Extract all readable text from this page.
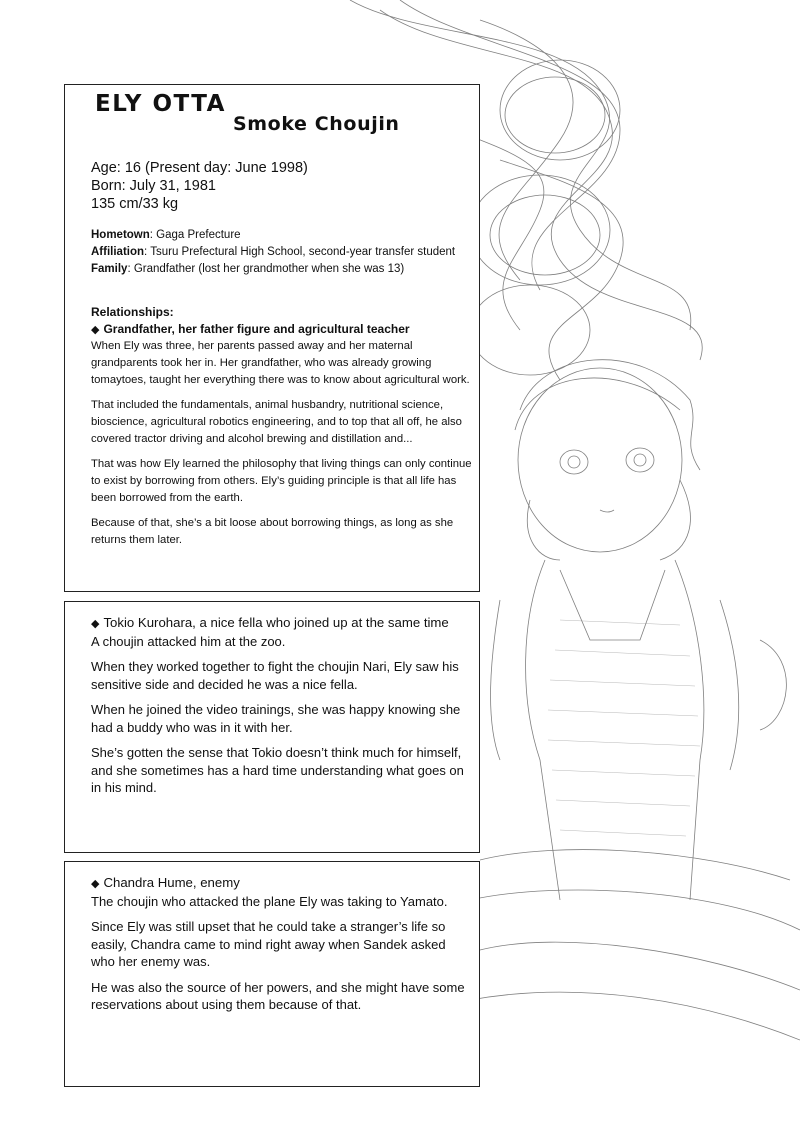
ELY OTTA
Smoke Choujin
Age: 16 (Present day: June 1998)
Born: July 31, 1981
135 cm/33 kg
Hometown: Gaga Prefecture
Affiliation: Tsuru Prefectural High School, second-year transfer student
Family: Grandfather (lost her grandmother when she was 13)
Relationships:
◆ Grandfather, her father figure and agricultural teacher

When Ely was three, her parents passed away and her maternal grandparents took her in. Her grandfather, who was already growing tomaytoes, taught her everything there was to know about agricultural work.

That included the fundamentals, animal husbandry, nutritional science, bioscience, agricultural robotics engineering, and to top that all off, he also covered tractor driving and alcohol brewing and distillation and...

That was how Ely learned the philosophy that living things can only continue to exist by borrowing from others. Ely’s guiding principle is that all life has been borrowed from the earth.

Because of that, she’s a bit loose about borrowing things, as long as she returns them later.

◆ Tokio Kurohara, a nice fella who joined up at the same time

A choujin attacked him at the zoo.

When they worked together to fight the choujin Nari, Ely saw his sensitive side and decided he was a nice fella.

When he joined the video trainings, she was happy knowing she had a buddy who was in it with her.

She’s gotten the sense that Tokio doesn’t think much for himself, and she sometimes has a hard time understanding what goes on in his mind.

◆ Chandra Hume, enemy

The choujin who attacked the plane Ely was taking to Yamato.

Since Ely was still upset that he could take a stranger’s life so easily, Chandra came to mind right away when Sandek asked who her enemy was.

He was also the source of her powers, and she might have some reservations about using them because of that.
